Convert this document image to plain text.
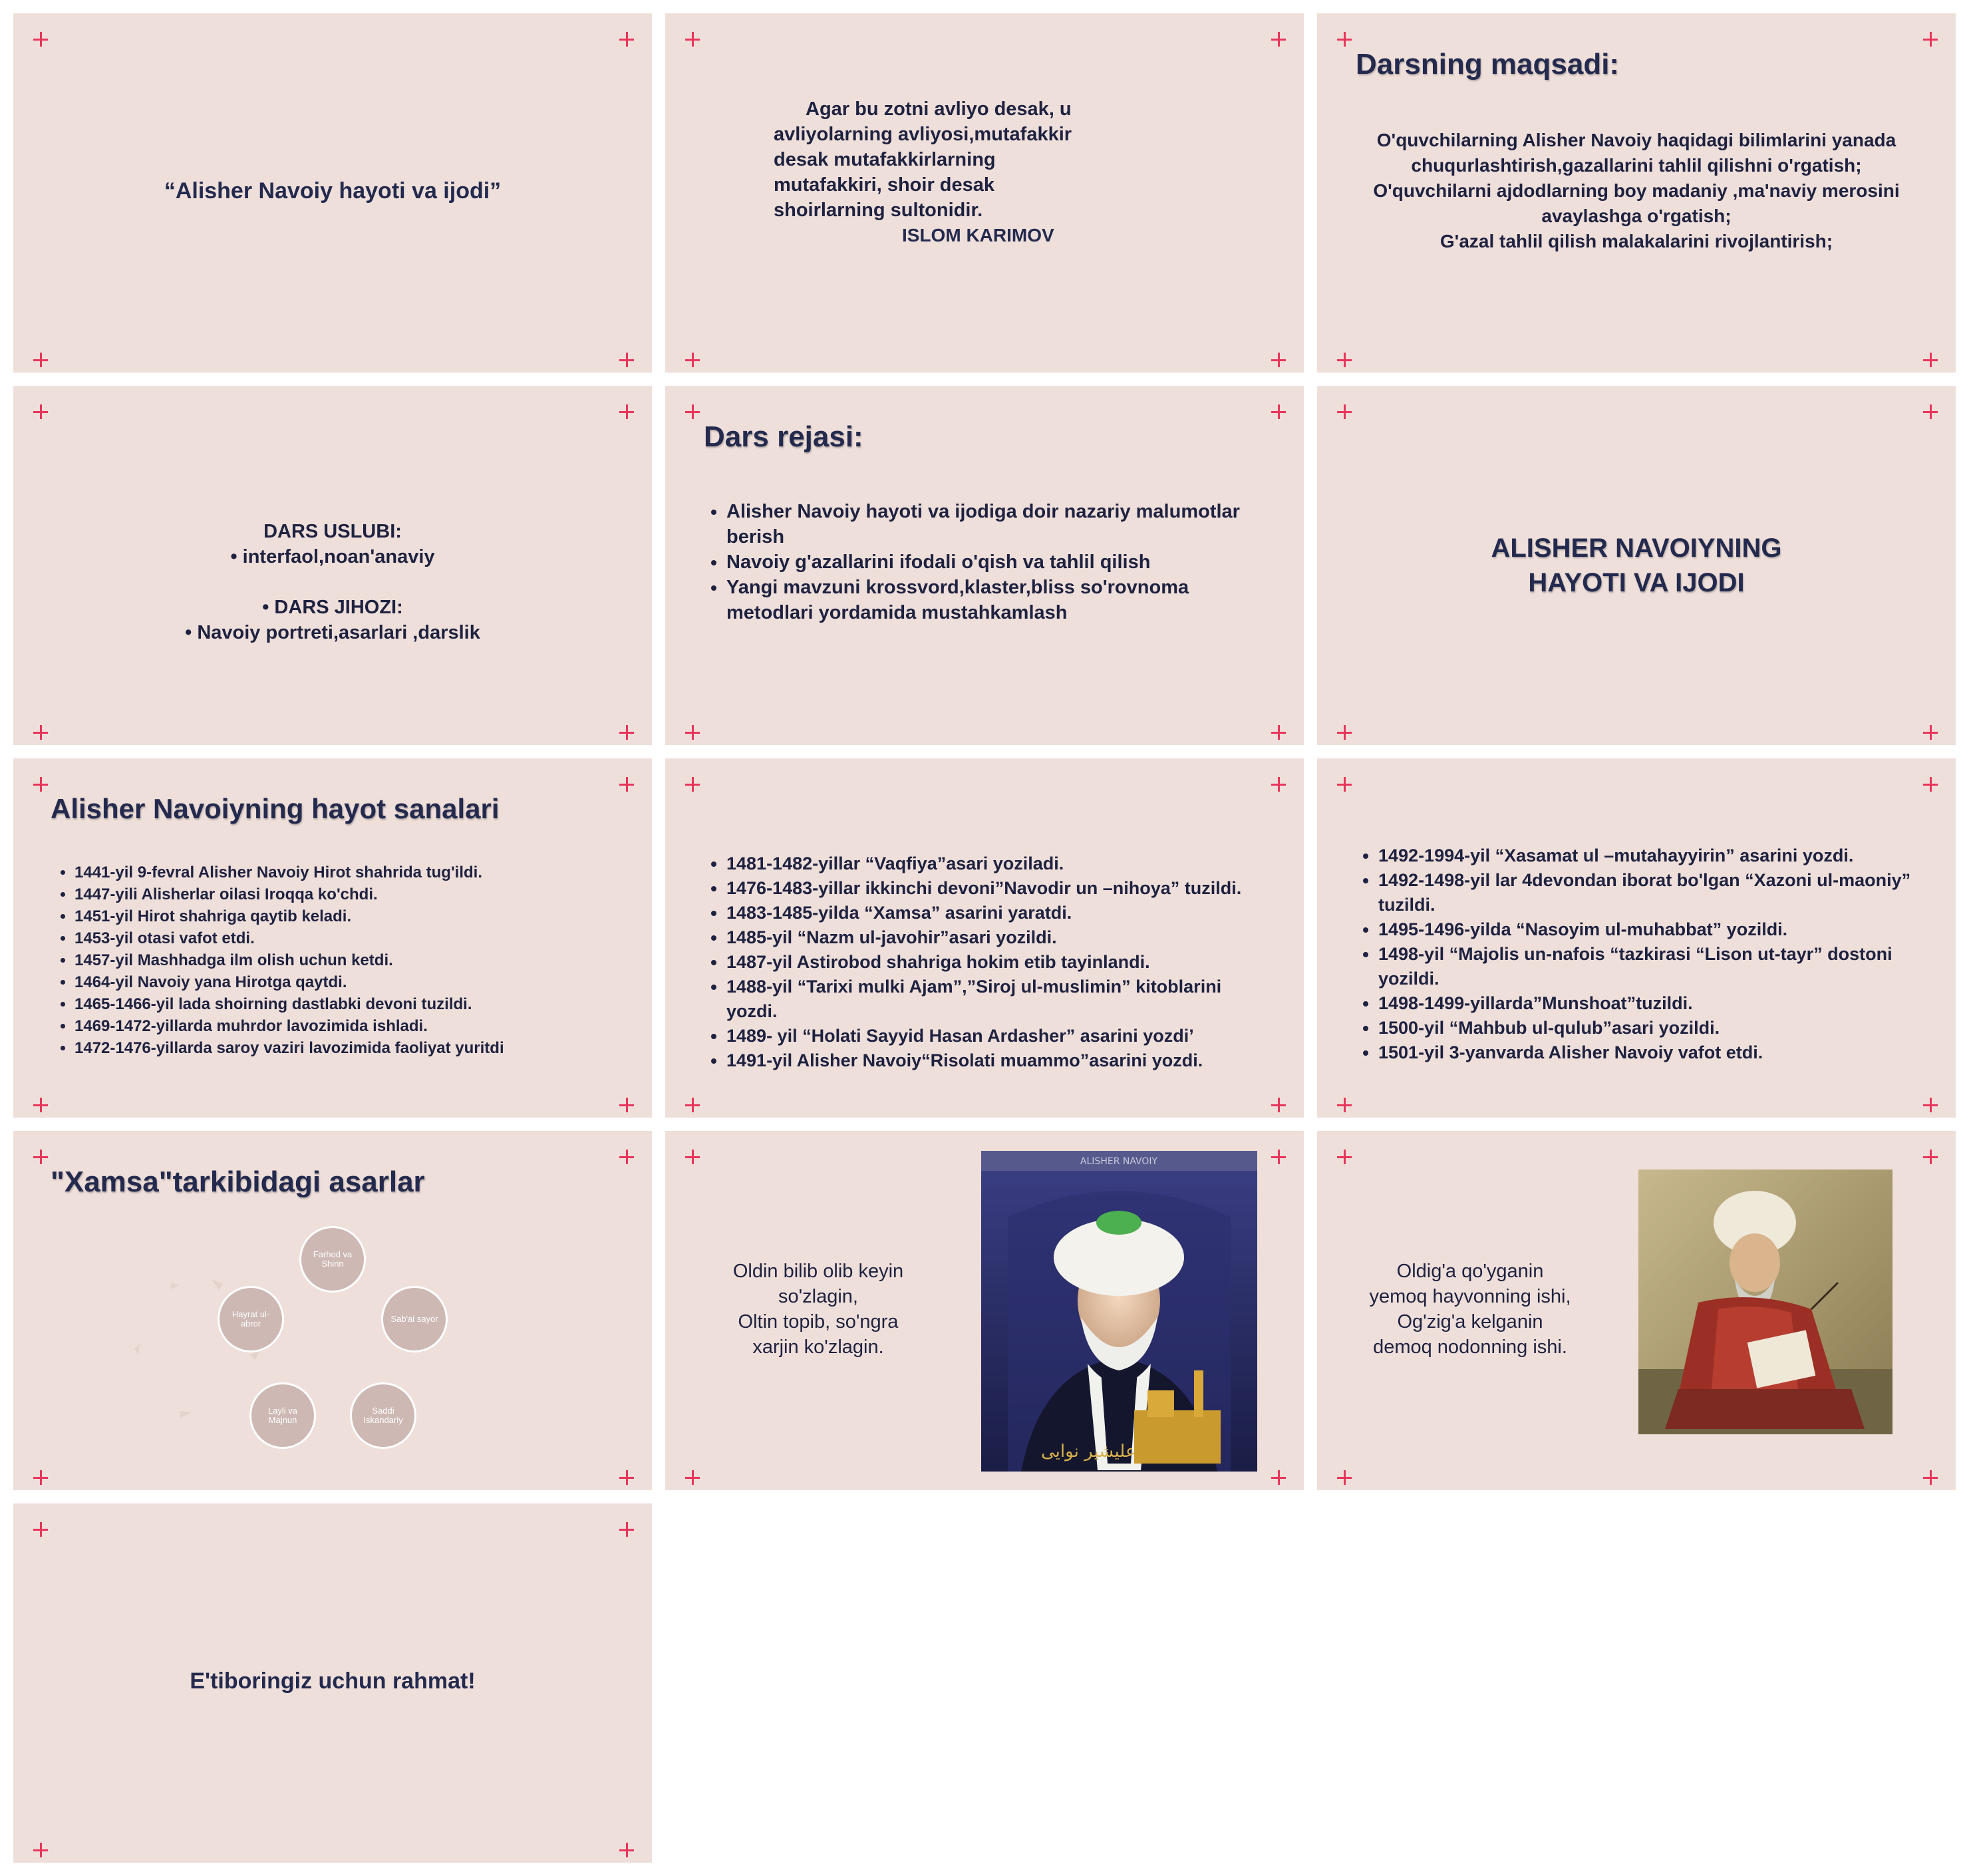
“Alisher Navoiy hayoti va ijodi”
Agar bu zotni avliyo desak, u
avliyolarning avliyosi,mutafakkir
desak mutafakkirlarning
mutafakkiri, shoir desak
shoirlarning sultonidir.
ISLOM KARIMOV
Darsning maqsadi:
O'quvchilarning Alisher Navoiy haqidagi bilimlarini yanada
chuqurlashtirish,gazallarini tahlil qilishni o'rgatish;
O'quvchilarni ajdodlarning boy madaniy ,ma'naviy merosini
avaylashga o'rgatish;
G'azal tahlil qilish malakalarini rivojlantirish;
DARS USLUBI:
• interfaol,noan'anaviy
• DARS JIHOZI:
• Navoiy portreti,asarlari ,darslik
Dars rejasi:
• Alisher Navoiy hayoti va ijodiga doir nazariy malumotlar berish
• Navoiy g'azallarini ifodali o'qish va tahlil qilish
• Yangi mavzuni krossvord,klaster,bliss so'rovnoma metodlari yordamida mustahkamlash
ALISHER NAVOIYNING
HAYOTI VA IJODI
Alisher Navoiyning hayot sanalari
• 1441-yil 9-fevral Alisher Navoiy Hirot shahrida tug'ildi.
• 1447-yili Alisherlar oilasi Iroqqa ko'chdi.
• 1451-yil Hirot shahriga qaytib keladi.
• 1453-yil otasi vafot etdi.
• 1457-yil Mashhadga ilm olish uchun ketdi.
• 1464-yil Navoiy yana Hirotga qaytdi.
• 1465-1466-yil lada shoirning dastlabki devoni tuzildi.
• 1469-1472-yillarda muhrdor lavozimida ishladi.
• 1472-1476-yillarda saroy vaziri lavozimida faoliyat yuritdi
• 1481-1482-yillar “Vaqfiya”asari yoziladi.
• 1476-1483-yillar ikkinchi devoni”Navodir un –nihoya” tuzildi.
• 1483-1485-yilda “Xamsa” asarini yaratdi.
• 1485-yil “Nazm ul-javohir”asari yozildi.
• 1487-yil Astirobod shahriga hokim etib tayinlandi.
• 1488-yil “Tarixi mulki Ajam”,”Siroj ul-muslimin” kitoblarini yozdi.
• 1489- yil “Holati Sayyid Hasan Ardasher” asarini yozdi’
• 1491-yil Alisher Navoiy“Risolati muammo”asarini yozdi.
• 1492-1994-yil “Xasamat ul –mutahayyirin” asarini yozdi.
• 1492-1498-yil lar 4devondan iborat bo'lgan “Xazoni ul-maoniy” tuzildi.
• 1495-1496-yilda “Nasoyim ul-muhabbat” yozildi.
• 1498-yil “Majolis un-nafois “tazkirasi “Lison ut-tayr” dostoni yozildi.
• 1498-1499-yillarda”Munshoat”tuzildi.
• 1500-yil “Mahbub ul-qulub”asari yozildi.
• 1501-yil 3-yanvarda Alisher Navoiy vafot etdi.
"Xamsa"tarkibidagi asarlar
Farhod va Shirin
Sab'ai sayor
Saddi Iskandariy
Layli va Majnun
Hayrat ul-abror
Oldin bilib olib keyin
so'zlagin,
Oltin topib, so'ngra
xarjin ko'zlagin.
علیشیر نوایی
ALISHER NAVOIY
Oldig'a qo'yganin
yemoq hayvonning ishi,
Og'zig'a kelganin
demoq nodonning ishi.
E'tiboringiz uchun rahmat!
